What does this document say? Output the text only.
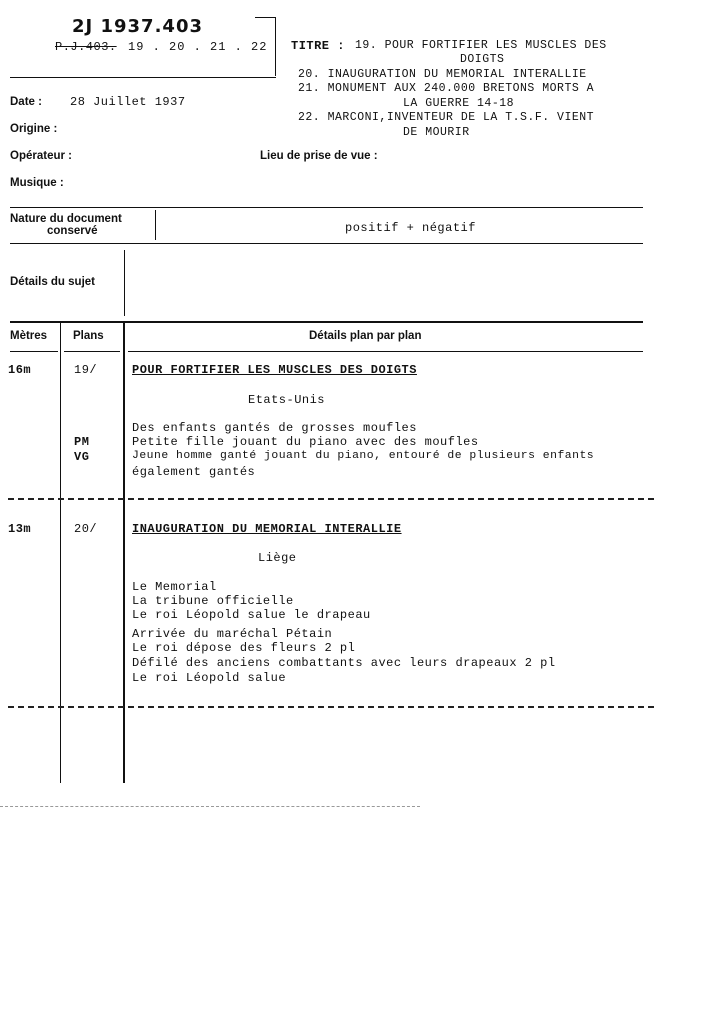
2J 1937.403
P.J.403. 19 . 20 . 21 . 22 TITRE : 19. POUR FORTIFIER LES MUSCLES DES
DOIGTS
20. INAUGURATION DU MEMORIAL INTERALLIE
21. MONUMENT AUX 240.000 BRETONS MORTS A
LA GUERRE 14-18
22. MARCONI,INVENTEUR DE LA T.S.F. VIENT
DE MOURIR
Date : 28 Juillet 1937
Origine :
Opérateur :	Lieu de prise de vue :
Musique :
Nature du document
conservé	positif + négatif
Détails du sujet
Mètres Plans	Détails plan par plan
16m	19/	POUR FORTIFIER LES MUSCLES DES DOIGTS
Etats-Unis
Des enfants gantés de grosses moufles
PM	Petite fille jouant du piano avec des moufles
VG	Jeune homme ganté jouant du piano, entouré de plusieurs enfants
également gantés
13m	20/	INAUGURATION DU MEMORIAL INTERALLIE
Liège
Le Memorial
La tribune officielle
Le roi Léopold salue le drapeau
Arrivée du maréchal Pétain
Le roi dépose des fleurs 2 pl
Défilé des anciens combattants avec leurs drapeaux 2 pl
Le roi Léopold salue
